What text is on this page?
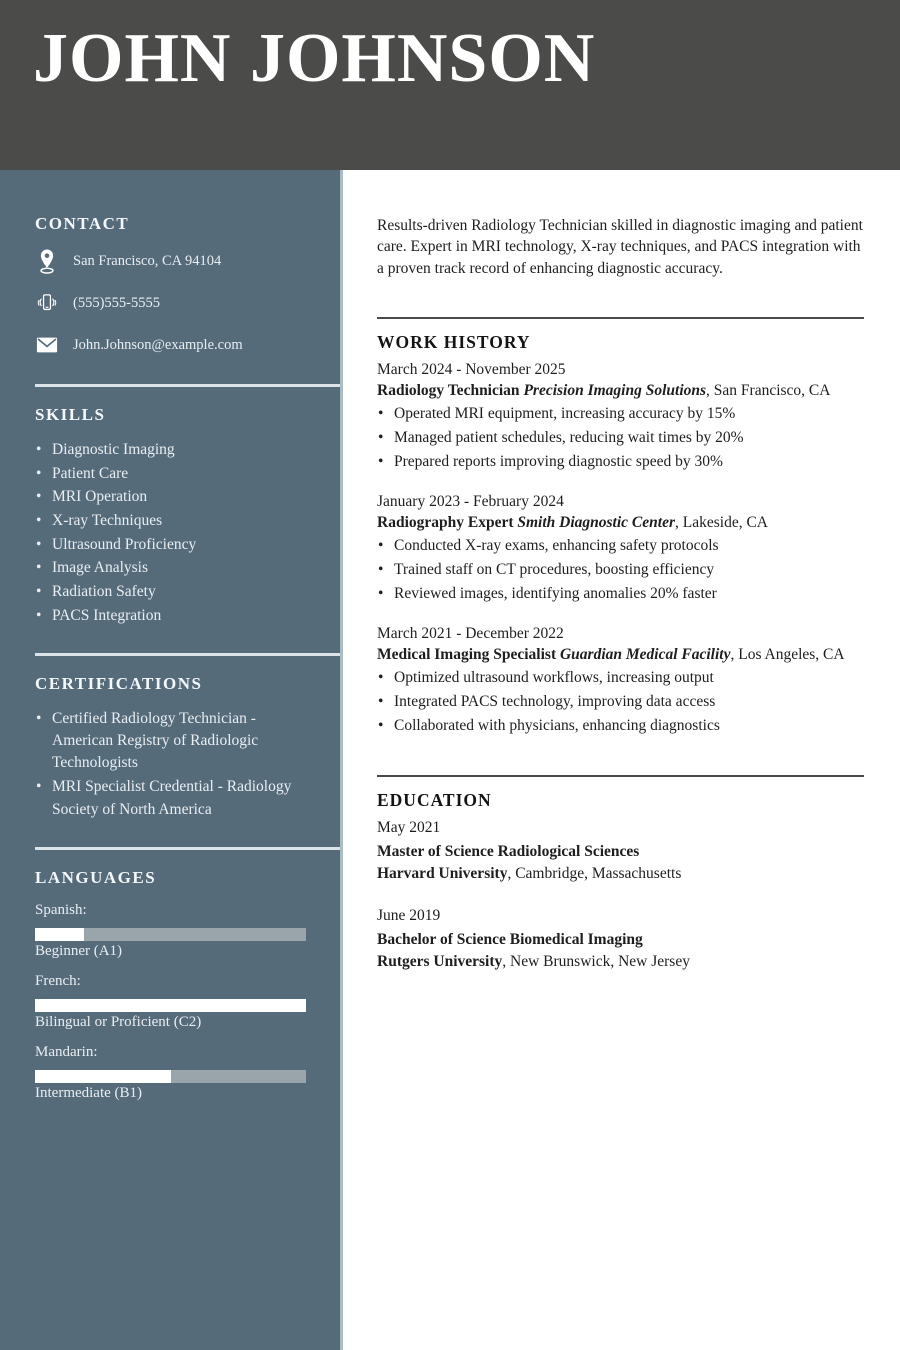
JOHN JOHNSON
CONTACT
San Francisco, CA 94104
(555)555-5555
John.Johnson@example.com
SKILLS
• Diagnostic Imaging
• Patient Care
• MRI Operation
• X-ray Techniques
• Ultrasound Proficiency
• Image Analysis
• Radiation Safety
• PACS Integration
CERTIFICATIONS
• Certified Radiology Technician - American Registry of Radiologic Technologists
• MRI Specialist Credential - Radiology Society of North America
LANGUAGES
Spanish:
Beginner (A1)
French:
Bilingual or Proficient (C2)
Mandarin:
Intermediate (B1)

Results-driven Radiology Technician skilled in diagnostic imaging and patient care. Expert in MRI technology, X-ray techniques, and PACS integration with a proven track record of enhancing diagnostic accuracy.

WORK HISTORY
March 2024 - November 2025
Radiology Technician Precision Imaging Solutions, San Francisco, CA
• Operated MRI equipment, increasing accuracy by 15%
• Managed patient schedules, reducing wait times by 20%
• Prepared reports improving diagnostic speed by 30%
January 2023 - February 2024
Radiography Expert Smith Diagnostic Center, Lakeside, CA
• Conducted X-ray exams, enhancing safety protocols
• Trained staff on CT procedures, boosting efficiency
• Reviewed images, identifying anomalies 20% faster
March 2021 - December 2022
Medical Imaging Specialist Guardian Medical Facility, Los Angeles, CA
• Optimized ultrasound workflows, increasing output
• Integrated PACS technology, improving data access
• Collaborated with physicians, enhancing diagnostics
EDUCATION
May 2021
Master of Science Radiological Sciences
Harvard University, Cambridge, Massachusetts
June 2019
Bachelor of Science Biomedical Imaging
Rutgers University, New Brunswick, New Jersey
